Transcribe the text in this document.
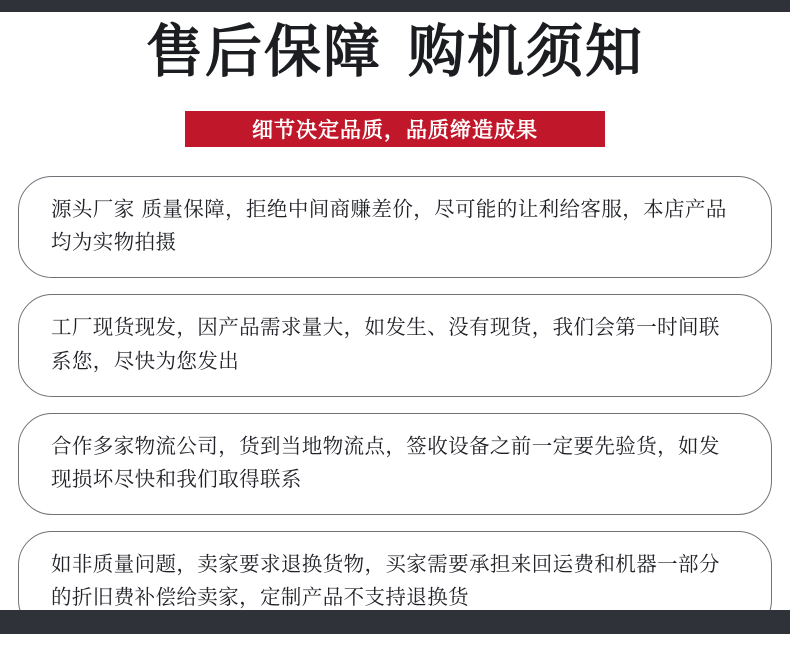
售后保障 购机须知
细节决定品质，品质缔造成果
源头厂家 质量保障，拒绝中间商赚差价，尽可能的让利给客服，本店产品均为实物拍摄
工厂现货现发，因产品需求量大，如发生、没有现货，我们会第一时间联系您，尽快为您发出
合作多家物流公司，货到当地物流点，签收设备之前一定要先验货，如发现损坏尽快和我们取得联系
如非质量问题，卖家要求退换货物，买家需要承担来回运费和机器一部分的折旧费补偿给卖家，定制产品不支持退换货
